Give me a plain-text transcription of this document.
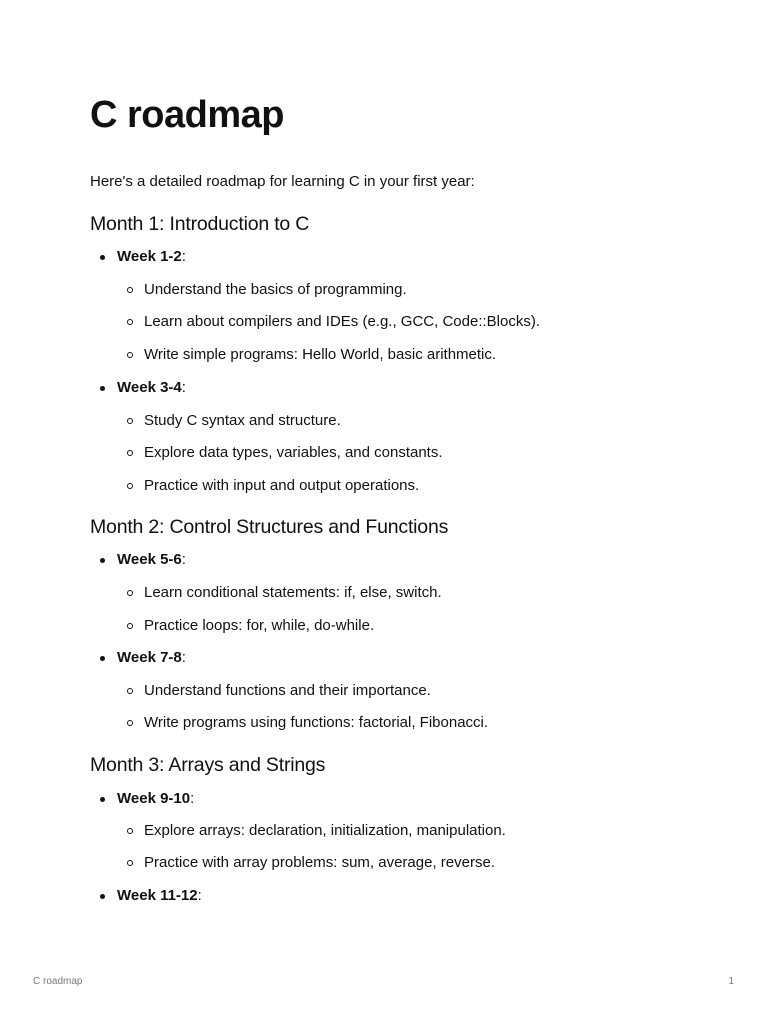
C roadmap

Here's a detailed roadmap for learning C in your first year:

Month 1: Introduction to C
Week 1-2:
Understand the basics of programming.
Learn about compilers and IDEs (e.g., GCC, Code::Blocks).
Write simple programs: Hello World, basic arithmetic.
Week 3-4:
Study C syntax and structure.
Explore data types, variables, and constants.
Practice with input and output operations.
Month 2: Control Structures and Functions
Week 5-6:
Learn conditional statements: if, else, switch.
Practice loops: for, while, do-while.
Week 7-8:
Understand functions and their importance.
Write programs using functions: factorial, Fibonacci.
Month 3: Arrays and Strings
Week 9-10:
Explore arrays: declaration, initialization, manipulation.
Practice with array problems: sum, average, reverse.
Week 11-12:
C roadmap	1
